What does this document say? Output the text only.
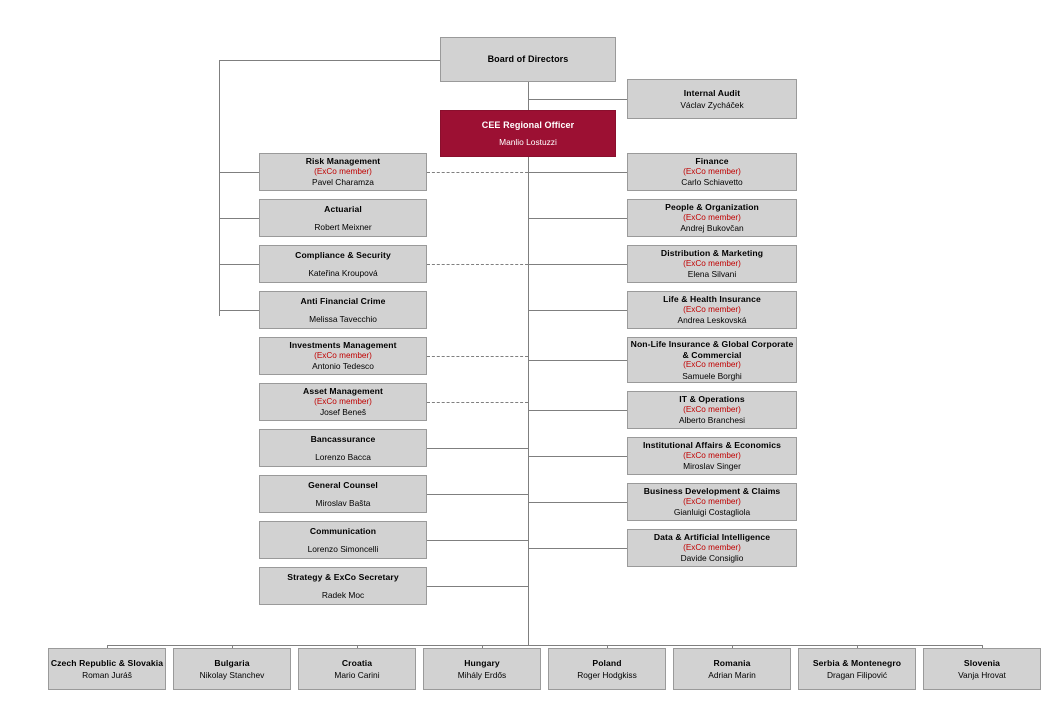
Board of Directors
Internal Audit
Václav Zycháček
CEE Regional Officer
Manlio Lostuzzi
Risk Management
(ExCo member)
Pavel Charamza
Actuarial
Robert Meixner
Compliance & Security
Kateřina Kroupová
Anti Financial Crime
Melissa Tavecchio
Investments Management
(ExCo member)
Antonio Tedesco
Asset Management
(ExCo member)
Josef Beneš
Bancassurance
Lorenzo Bacca
General Counsel
Miroslav Bašta
Communication
Lorenzo Simoncelli
Strategy & ExCo Secretary
Radek Moc
Finance
(ExCo member)
Carlo Schiavetto
People & Organization
(ExCo member)
Andrej Bukovčan
Distribution & Marketing
(ExCo member)
Elena Silvani
Life & Health Insurance
(ExCo member)
Andrea Leskovská
Non-Life Insurance & Global Corporate & Commercial
(ExCo member)
Samuele Borghi
IT & Operations
(ExCo member)
Alberto Branchesi
Institutional Affairs & Economics
(ExCo member)
Miroslav Singer
Business Development & Claims
(ExCo member)
Gianluigi Costagliola
Data & Artificial Intelligence
(ExCo member)
Davide Consiglio
Czech Republic & Slovakia
Roman Juráš
Bulgaria
Nikolay Stanchev
Croatia
Mario Carini
Hungary
Mihály Erdős
Poland
Roger Hodgkiss
Romania
Adrian Marin
Serbia & Montenegro
Dragan Filipović
Slovenia
Vanja Hrovat
